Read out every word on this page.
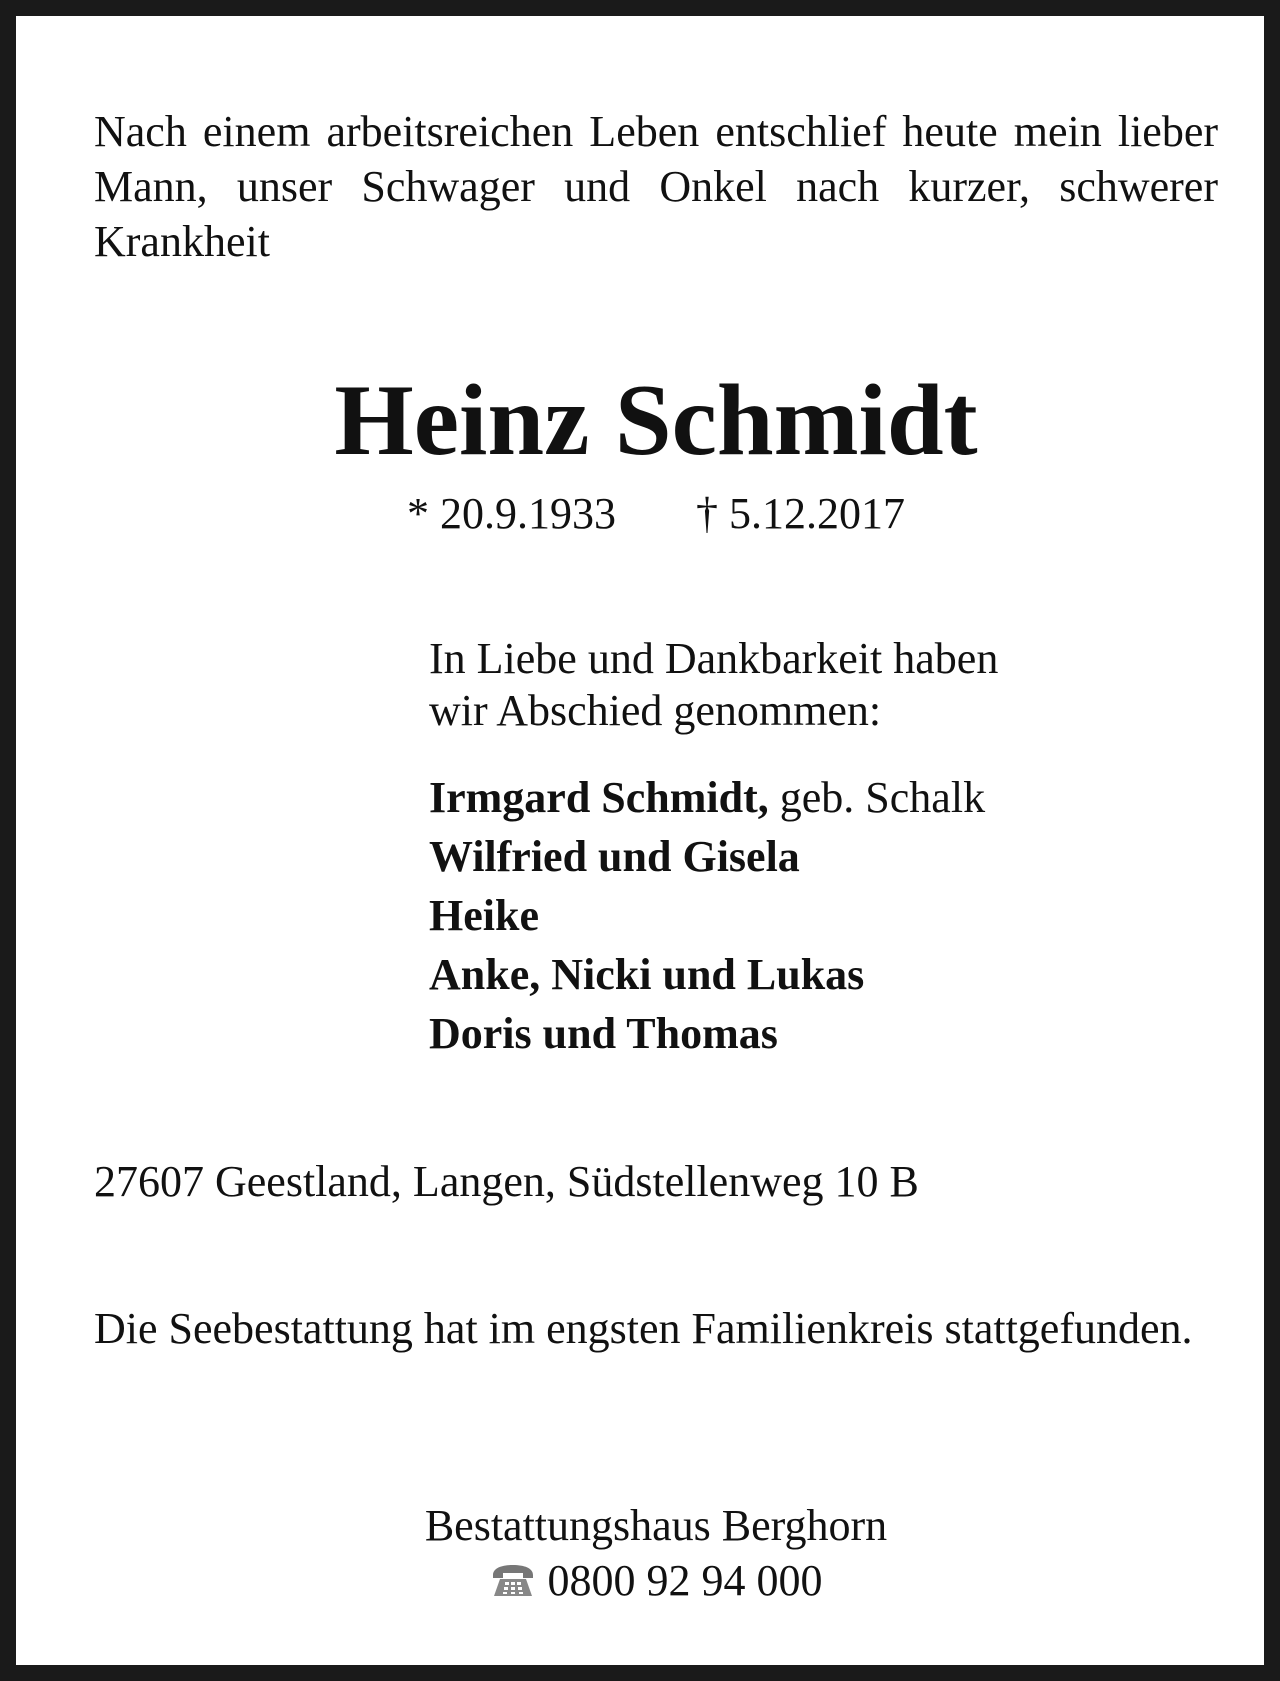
Nach einem arbeitsreichen Leben entschlief heute mein lieber Mann, unser Schwager und Onkel nach kurzer, schwerer Krankheit
Heinz Schmidt
* 20.9.1933 † 5.12.2017
In Liebe und Dankbarkeit haben
wir Abschied genommen:
Irmgard Schmidt, geb. Schalk
Wilfried und Gisela
Heike
Anke, Nicki und Lukas
Doris und Thomas
27607 Geestland, Langen, Südstellenweg 10 B
Die Seebestattung hat im engsten Familienkreis stattgefunden.
Bestattungshaus Berghorn
0800 92 94 000
